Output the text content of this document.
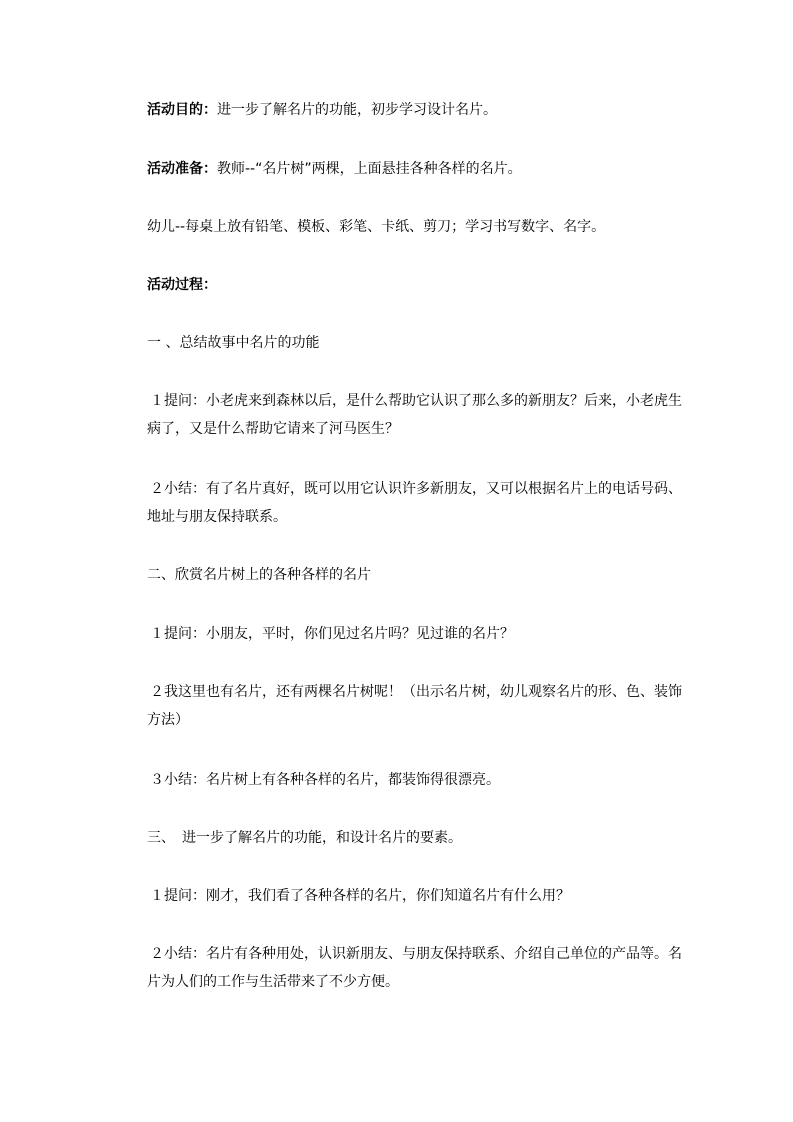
活动目的：进一步了解名片的功能，初步学习设计名片。
活动准备：教师--“名片树”两棵，上面悬挂各种各样的名片。
幼儿--每桌上放有铅笔、模板、彩笔、卡纸、剪刀；学习书写数字、名字。
活动过程：
一 、总结故事中名片的功能
１提问：小老虎来到森林以后，是什么帮助它认识了那么多的新朋友？后来，小老虎生病了，又是什么帮助它请来了河马医生？
２小结：有了名片真好，既可以用它认识许多新朋友，又可以根据名片上的电话号码、地址与朋友保持联系。
二、欣赏名片树上的各种各样的名片
１提问：小朋友，平时，你们见过名片吗？见过谁的名片？
２我这里也有名片，还有两棵名片树呢！（出示名片树，幼儿观察名片的形、色、装饰方法）
３小结：名片树上有各种各样的名片，都装饰得很漂亮。
三、　进一步了解名片的功能，和设计名片的要素。
１提问：刚才，我们看了各种各样的名片，你们知道名片有什么用？
２小结：名片有各种用处，认识新朋友、与朋友保持联系、介绍自己单位的产品等。名片为人们的工作与生活带来了不少方便。
